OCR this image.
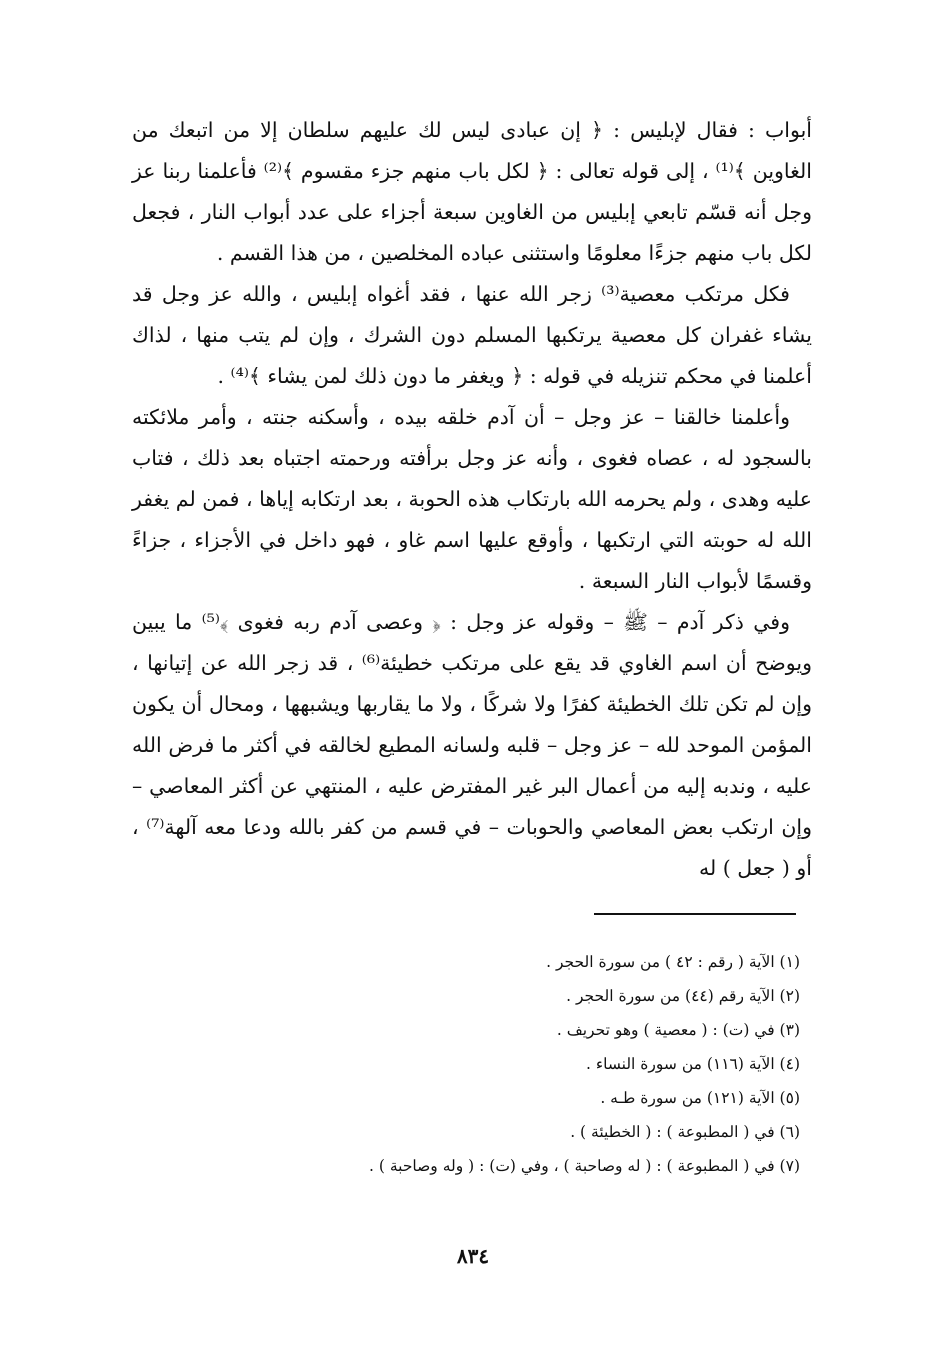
أبواب : فقال لإبليس : ﴿ إن عبادى ليس لك عليهم سلطان إلا من اتبعك من الغاوين ﴾⁽¹⁾ ، إلى قوله تعالى : ﴿ لكل باب منهم جزء مقسوم ﴾⁽²⁾ فأعلمنا ربنا عز وجل أنه قسّم تابعي إبليس من الغاوين سبعة أجزاء على عدد أبواب النار ، فجعل لكل باب منهم جزءًا معلومًا واستثنى عباده المخلصين ، من هذا القسم .

فكل مرتكب معصية⁽³⁾ زجر الله عنها ، فقد أغواه إبليس ، والله عز وجل قد يشاء غفران كل معصية يرتكبها المسلم دون الشرك ، وإن لم يتب منها ، لذاك أعلمنا في محكم تنزيله في قوله : ﴿ ويغفر ما دون ذلك لمن يشاء ﴾⁽⁴⁾ .

وأعلمنا خالقنا – عز وجل – أن آدم خلقه بيده ، وأسكنه جنته ، وأمر ملائكته بالسجود له ، عصاه فغوى ، وأنه عز وجل برأفته ورحمته اجتباه بعد ذلك ، فتاب عليه وهدى ، ولم يحرمه الله بارتكاب هذه الحوبة ، بعد ارتكابه إياها ، فمن لم يغفر الله له حوبته التي ارتكبها ، وأوقع عليها اسم غاو ، فهو داخل في الأجزاء ، جزاءً وقسمًا لأبواب النار السبعة .

وفي ذكر آدم – ﷺ – وقوله عز وجل : ﴿ وعصى آدم ربه فغوى ﴾⁽⁵⁾ ما يبين ويوضح أن اسم الغاوي قد يقع على مرتكب خطيئة⁽⁶⁾ ، قد زجر الله عن إتيانها ، وإن لم تكن تلك الخطيئة كفرًا ولا شركًا ، ولا ما يقاربها ويشبهها ، ومحال أن يكون المؤمن الموحد لله – عز وجل – قلبه ولسانه المطيع لخالقه في أكثر ما فرض الله عليه ، وندبه إليه من أعمال البر غير المفترض عليه ، المنتهي عن أكثر المعاصي – وإن ارتكب بعض المعاصي والحوبات – في قسم من كفر بالله ودعا معه آلهة⁽⁷⁾ ، أو ( جعل ) له

(١) الآية ( رقم : ٤٢ ) من سورة الحجر .
(٢) الآية رقم (٤٤) من سورة الحجر .
(٣) في (ت) : ( معصية ) وهو تحريف .
(٤) الآية (١١٦) من سورة النساء .
(٥) الآية (١٢١) من سورة طـه .
(٦) في ( المطبوعة ) : ( الخطيئة ) .
(٧) في ( المطبوعة ) : ( له وصاحبة ) ، وفي (ت) : ( وله وصاحبة ) .
٨٣٤
